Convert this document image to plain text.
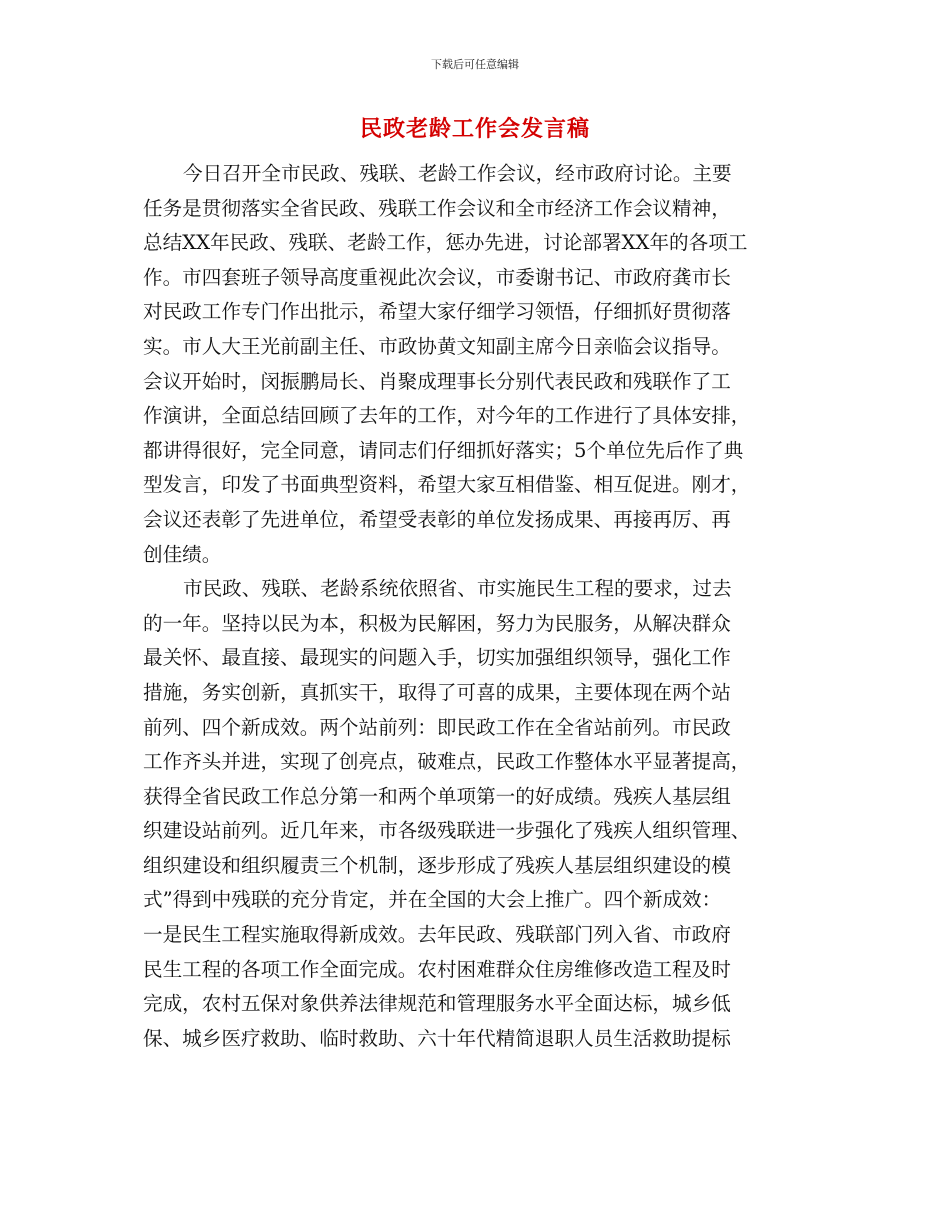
下载后可任意编辑
民政老龄工作会发言稿
今日召开全市民政、残联、老龄工作会议，经市政府讨论。主要
任务是贯彻落实全省民政、残联工作会议和全市经济工作会议精神，
总结XX年民政、残联、老龄工作，惩办先进，讨论部署XX年的各项工
作。市四套班子领导高度重视此次会议，市委谢书记、市政府龚市长
对民政工作专门作出批示，希望大家仔细学习领悟，仔细抓好贯彻落
实。市人大王光前副主任、市政协黄文知副主席今日亲临会议指导。
会议开始时，闵振鹏局长、肖聚成理事长分别代表民政和残联作了工
作演讲，全面总结回顾了去年的工作，对今年的工作进行了具体安排，
都讲得很好，完全同意，请同志们仔细抓好落实；5个单位先后作了典
型发言，印发了书面典型资料，希望大家互相借鉴、相互促进。刚才，
会议还表彰了先进单位，希望受表彰的单位发扬成果、再接再厉、再
创佳绩。
市民政、残联、老龄系统依照省、市实施民生工程的要求，过去
的一年。坚持以民为本，积极为民解困，努力为民服务，从解决群众
最关怀、最直接、最现实的问题入手，切实加强组织领导，强化工作
措施，务实创新，真抓实干，取得了可喜的成果，主要体现在两个站
前列、四个新成效。两个站前列：即民政工作在全省站前列。市民政
工作齐头并进，实现了创亮点，破难点，民政工作整体水平显著提高，
获得全省民政工作总分第一和两个单项第一的好成绩。残疾人基层组
织建设站前列。近几年来，市各级残联进一步强化了残疾人组织管理、
组织建设和组织履责三个机制，逐步形成了残疾人基层组织建设的模
式”得到中残联的充分肯定，并在全国的大会上推广。四个新成效：
一是民生工程实施取得新成效。去年民政、残联部门列入省、市政府
民生工程的各项工作全面完成。农村困难群众住房维修改造工程及时
完成，农村五保对象供养法律规范和管理服务水平全面达标，城乡低
保、城乡医疗救助、临时救助、六十年代精简退职人员生活救助提标
